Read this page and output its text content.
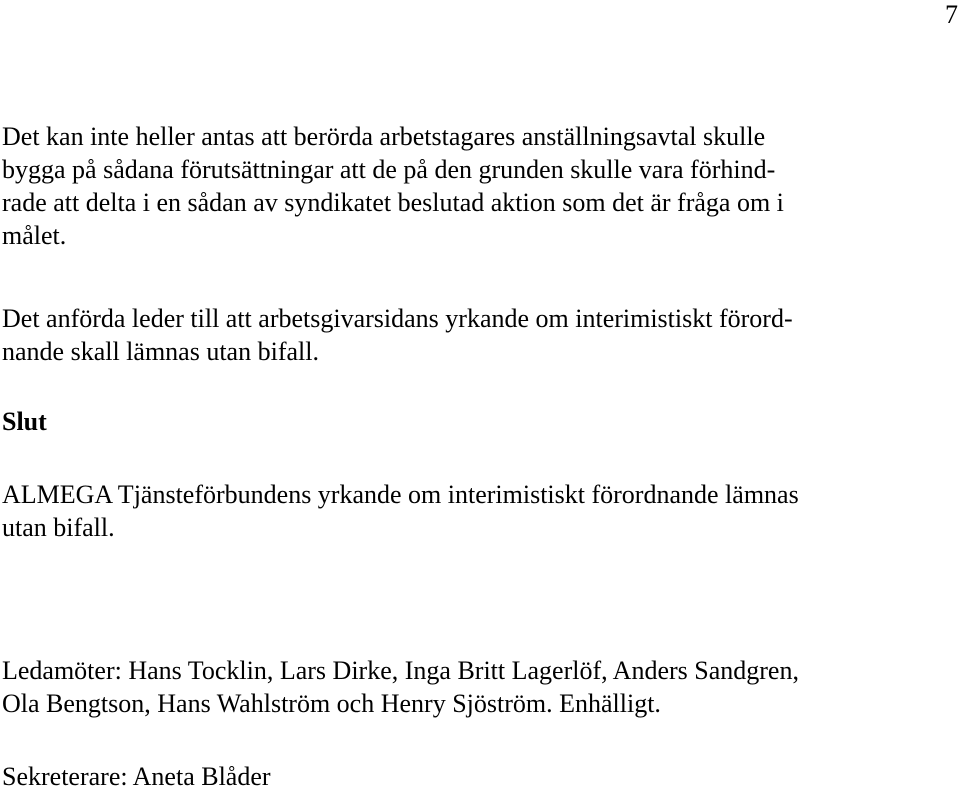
7
Det kan inte heller antas att berörda arbetstagares anställningsavtal skulle
bygga på sådana förutsättningar att de på den grunden skulle vara förhind-
rade att delta i en sådan av syndikatet beslutad aktion som det är fråga om i
målet.
Det anförda leder till att arbetsgivarsidans yrkande om interimistiskt förord-
nande skall lämnas utan bifall.
Slut
ALMEGA Tjänsteförbundens yrkande om interimistiskt förordnande lämnas
utan bifall.
Ledamöter: Hans Tocklin, Lars Dirke, Inga Britt Lagerlöf, Anders Sandgren,
Ola Bengtson, Hans Wahlström och Henry Sjöström. Enhälligt.
Sekreterare: Aneta Blåder
